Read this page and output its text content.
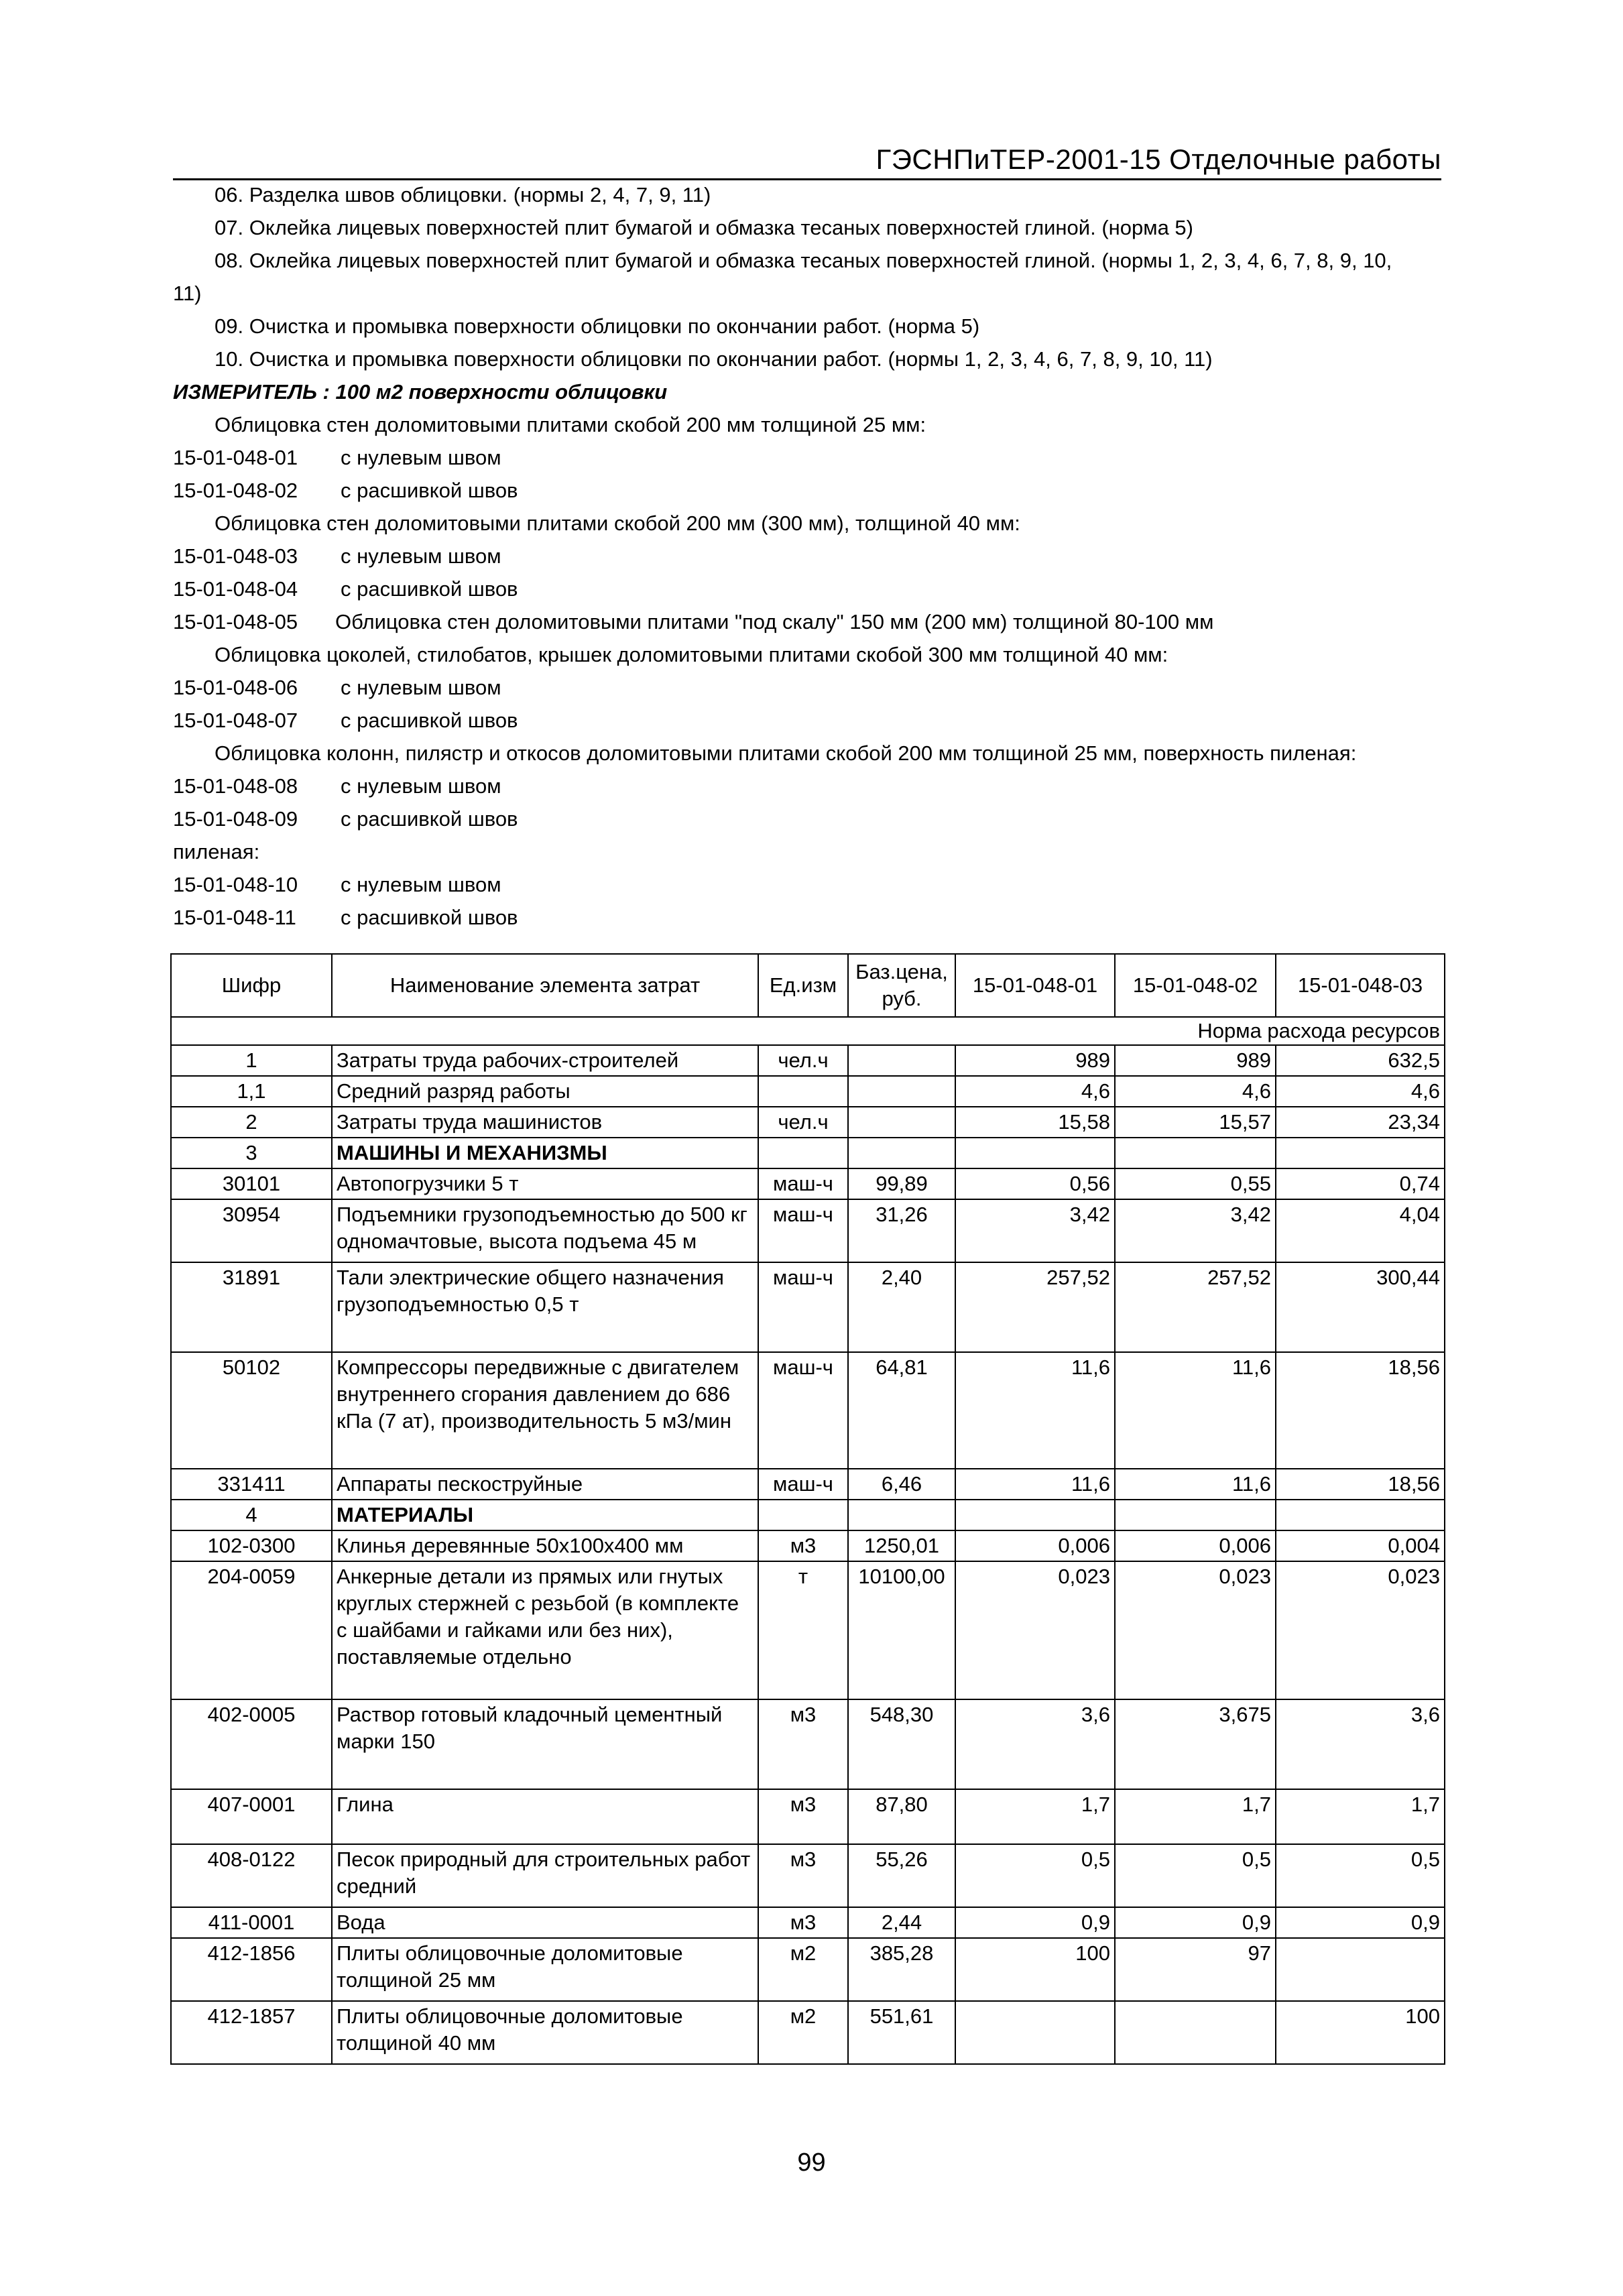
ГЭСНПиТЕР-2001-15 Отделочные работы

06. Разделка швов облицовки. (нормы 2, 4, 7, 9, 11)

07. Оклейка лицевых поверхностей плит бумагой и обмазка тесаных поверхностей глиной. (норма 5)

08. Оклейка лицевых поверхностей плит бумагой и обмазка тесаных поверхностей глиной. (нормы 1, 2, 3, 4, 6, 7, 8, 9, 10,

11)

09. Очистка и промывка поверхности облицовки по окончании работ. (норма 5)

10. Очистка и промывка поверхности облицовки по окончании работ. (нормы 1, 2, 3, 4, 6, 7, 8, 9, 10, 11)

ИЗМЕРИТЕЛЬ : 100 м2 поверхности облицовки

Облицовка стен доломитовыми плитами скобой 200 мм толщиной 25 мм:

15-01-048-01	с нулевым швом
15-01-048-02	с расшивкой швов

Облицовка стен доломитовыми плитами скобой 200 мм (300 мм), толщиной 40 мм:

15-01-048-03	с нулевым швом
15-01-048-04	с расшивкой швов
15-01-048-05	Облицовка стен доломитовыми плитами "под скалу" 150 мм (200 мм) толщиной 80-100 мм

Облицовка цоколей, стилобатов, крышек доломитовыми плитами скобой 300 мм толщиной 40 мм:

15-01-048-06	с нулевым швом
15-01-048-07	с расшивкой швов

Облицовка колонн, пилястр и откосов доломитовыми плитами скобой 200 мм толщиной 25 мм, поверхность пиленая:

15-01-048-08	с нулевым швом
15-01-048-09	с расшивкой швов

пиленая:

15-01-048-10	с нулевым швом
15-01-048-11	с расшивкой швов
Шифр	Наименование элемента затрат	Ед.изм	Баз.цена, руб.	15-01-048-01	15-01-048-02	15-01-048-03
Норма расхода ресурсов						
1	Затраты труда рабочих-строителей	чел.ч		989	989	632,5
1,1	Средний разряд работы			4,6	4,6	4,6
2	Затраты труда машинистов	чел.ч		15,58	15,57	23,34
3	МАШИНЫ И МЕХАНИЗМЫ					
30101	Автопогрузчики 5 т	маш-ч	99,89	0,56	0,55	0,74
30954	Подъемники грузоподъемностью до 500 кг одномачтовые, высота подъема 45 м	маш-ч	31,26	3,42	3,42	4,04
31891	Тали электрические общего назначения грузоподъемностью 0,5 т	маш-ч	2,40	257,52	257,52	300,44
50102	Компрессоры передвижные с двигателем внутреннего сгорания давлением до 686 кПа (7 ат), производительность 5 м3/мин	маш-ч	64,81	11,6	11,6	18,56
331411	Аппараты пескоструйные	маш-ч	6,46	11,6	11,6	18,56
4	МАТЕРИАЛЫ					
102-0300	Клинья деревянные 50x100x400 мм	м3	1250,01	0,006	0,006	0,004
204-0059	Анкерные детали из прямых или гнутых круглых стержней с резьбой (в комплекте с шайбами и гайками или без них), поставляемые отдельно	т	10100,00	0,023	0,023	0,023
402-0005	Раствор готовый кладочный цементный марки 150	м3	548,30	3,6	3,675	3,6
407-0001	Глина	м3	87,80	1,7	1,7	1,7
408-0122	Песок природный для строительных работ средний	м3	55,26	0,5	0,5	0,5
411-0001	Вода	м3	2,44	0,9	0,9	0,9
412-1856	Плиты облицовочные доломитовые толщиной 25 мм	м2	385,28	100	97	
412-1857	Плиты облицовочные доломитовые толщиной 40 мм	м2	551,61			100
99
